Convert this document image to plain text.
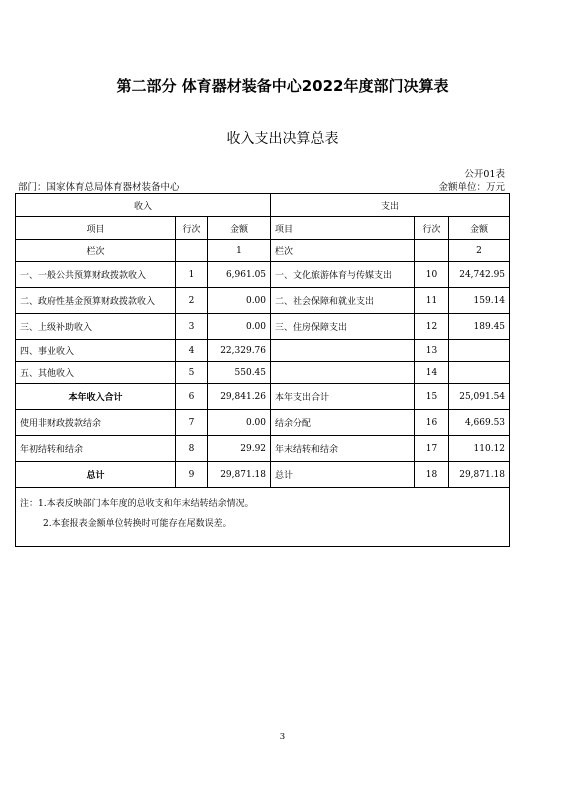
第二部分 体育器材装备中心2022年度部门决算表
收入支出决算总表
公开01表
部门：国家体育总局体育器材装备中心	金额单位：万元
收入			支出		
项目	行次	金额	项目	行次	金额
栏次		1	栏次		2
一、一般公共预算财政拨款收入	1	6,961.05	一、文化旅游体育与传媒支出	10	24,742.95
二、政府性基金预算财政拨款收入	2	0.00	二、社会保障和就业支出	11	159.14
三、上级补助收入	3	0.00	三、住房保障支出	12	189.45
四、事业收入	4	22,329.76		13	
五、其他收入	5	550.45		14	
本年收入合计	6	29,841.26	本年支出合计	15	25,091.54
使用非财政拨款结余	7	0.00	结余分配	16	4,669.53
年初结转和结余	8	29.92	年末结转和结余	17	110.12
总计	9	29,871.18	总计	18	29,871.18
注：1.本表反映部门本年度的总收支和年末结转结余情况。					
2.本套报表金额单位转换时可能存在尾数误差。					
3
